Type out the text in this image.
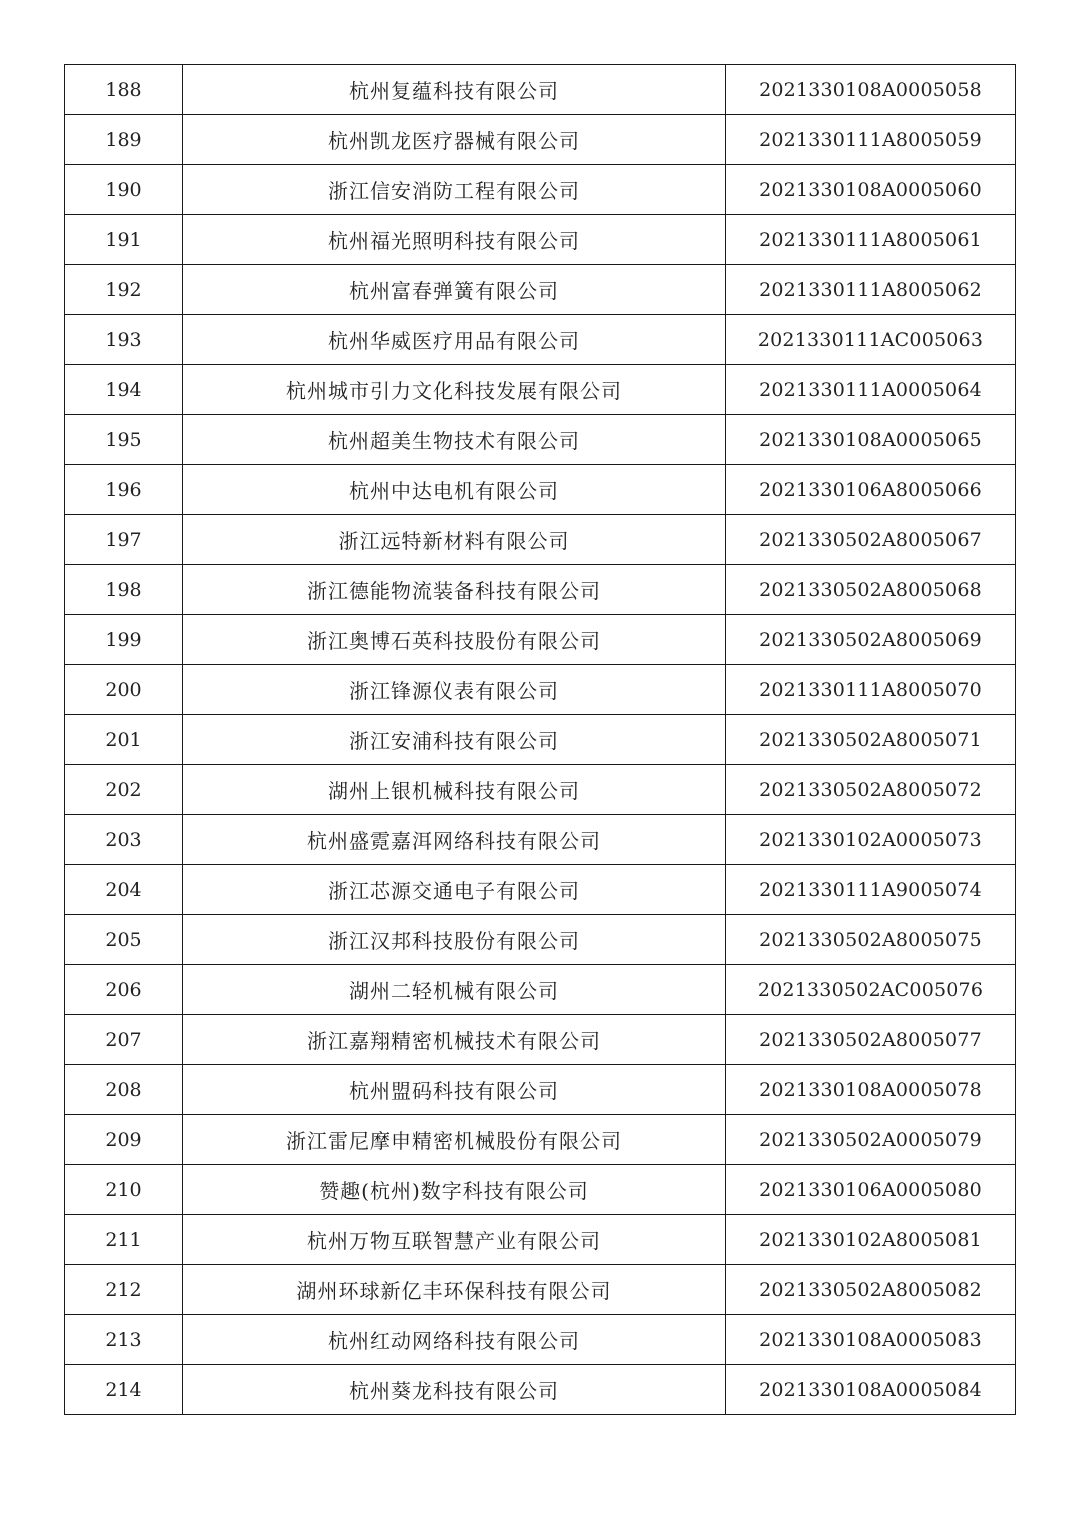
188	杭州复蕴科技有限公司	2021330108A0005058
189	杭州凯龙医疗器械有限公司	2021330111A8005059
190	浙江信安消防工程有限公司	2021330108A0005060
191	杭州福光照明科技有限公司	2021330111A8005061
192	杭州富春弹簧有限公司	2021330111A8005062
193	杭州华威医疗用品有限公司	2021330111AC005063
194	杭州城市引力文化科技发展有限公司	2021330111A0005064
195	杭州超美生物技术有限公司	2021330108A0005065
196	杭州中达电机有限公司	2021330106A8005066
197	浙江远特新材料有限公司	2021330502A8005067
198	浙江德能物流装备科技有限公司	2021330502A8005068
199	浙江奥博石英科技股份有限公司	2021330502A8005069
200	浙江锋源仪表有限公司	2021330111A8005070
201	浙江安浦科技有限公司	2021330502A8005071
202	湖州上银机械科技有限公司	2021330502A8005072
203	杭州盛霓嘉洱网络科技有限公司	2021330102A0005073
204	浙江芯源交通电子有限公司	2021330111A9005074
205	浙江汉邦科技股份有限公司	2021330502A8005075
206	湖州二轻机械有限公司	2021330502AC005076
207	浙江嘉翔精密机械技术有限公司	2021330502A8005077
208	杭州盟码科技有限公司	2021330108A0005078
209	浙江雷尼摩申精密机械股份有限公司	2021330502A0005079
210	赞趣(杭州)数字科技有限公司	2021330106A0005080
211	杭州万物互联智慧产业有限公司	2021330102A8005081
212	湖州环球新亿丰环保科技有限公司	2021330502A8005082
213	杭州红动网络科技有限公司	2021330108A0005083
214	杭州葵龙科技有限公司	2021330108A0005084
